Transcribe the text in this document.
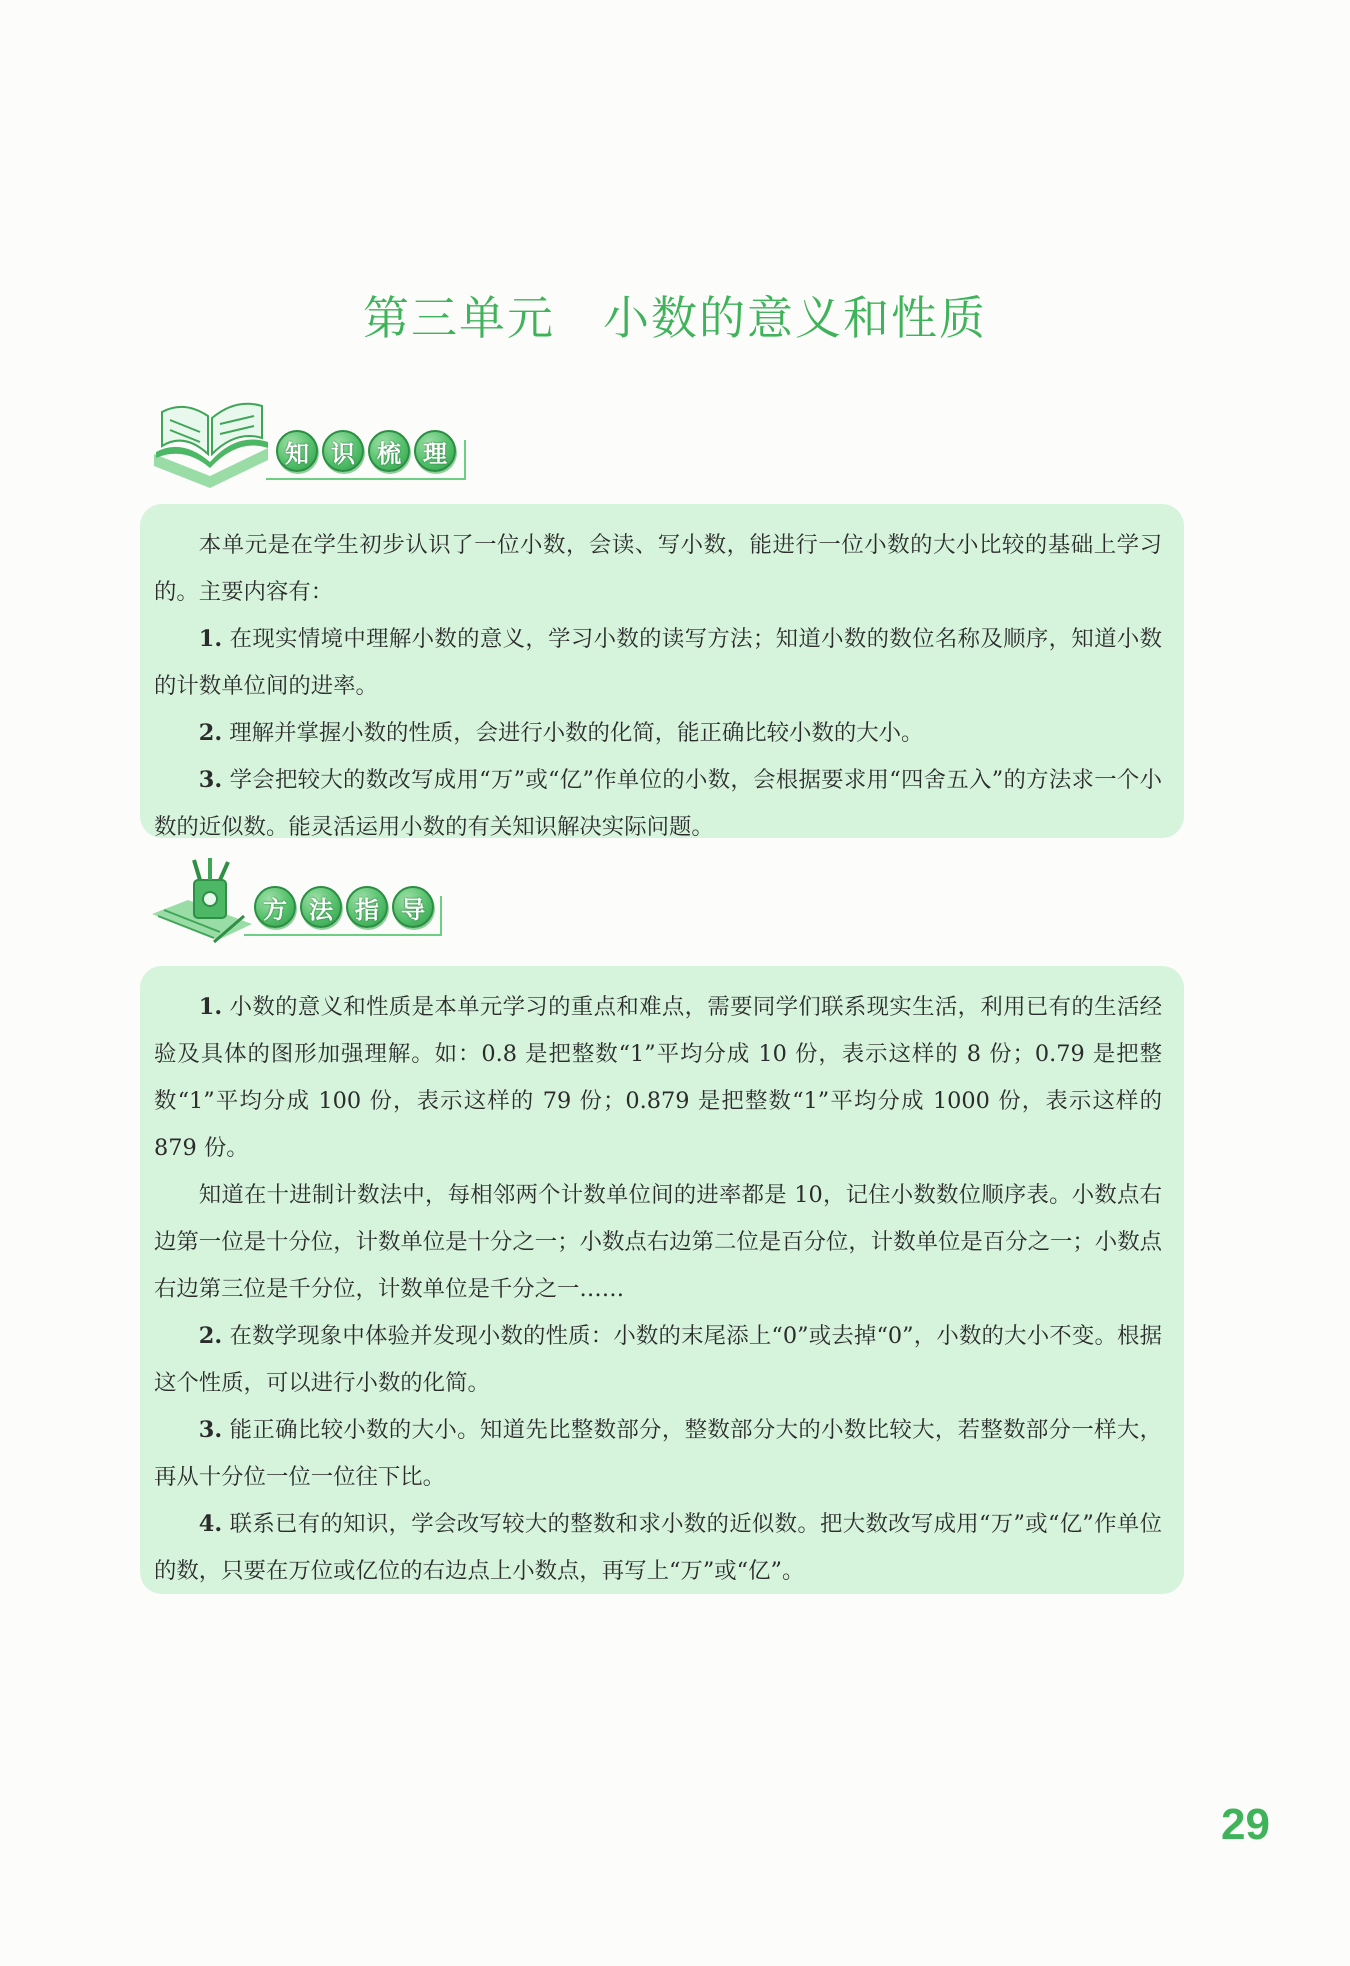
第三单元　小数的意义和性质
知 识 梳 理

本单元是在学生初步认识了一位小数，会读、写小数，能进行一位小数的大小比较的基础上学习的。主要内容有：

1. 在现实情境中理解小数的意义，学习小数的读写方法；知道小数的数位名称及顺序，知道小数的计数单位间的进率。

2. 理解并掌握小数的性质，会进行小数的化简，能正确比较小数的大小。

3. 学会把较大的数改写成用“万”或“亿”作单位的小数，会根据要求用“四舍五入”的方法求一个小数的近似数。能灵活运用小数的有关知识解决实际问题。

方 法 指 导

1. 小数的意义和性质是本单元学习的重点和难点，需要同学们联系现实生活，利用已有的生活经验及具体的图形加强理解。如：0.8 是把整数“1”平均分成 10 份，表示这样的 8 份；0.79 是把整数“1”平均分成 100 份，表示这样的 79 份；0.879 是把整数“1”平均分成 1000 份，表示这样的 879 份。

知道在十进制计数法中，每相邻两个计数单位间的进率都是 10，记住小数数位顺序表。小数点右边第一位是十分位，计数单位是十分之一；小数点右边第二位是百分位，计数单位是百分之一；小数点右边第三位是千分位，计数单位是千分之一……

2. 在数学现象中体验并发现小数的性质：小数的末尾添上“0”或去掉“0”，小数的大小不变。根据这个性质，可以进行小数的化简。

3. 能正确比较小数的大小。知道先比整数部分，整数部分大的小数比较大，若整数部分一样大，再从十分位一位一位往下比。

4. 联系已有的知识，学会改写较大的整数和求小数的近似数。把大数改写成用“万”或“亿”作单位的数，只要在万位或亿位的右边点上小数点，再写上“万”或“亿”。

29
